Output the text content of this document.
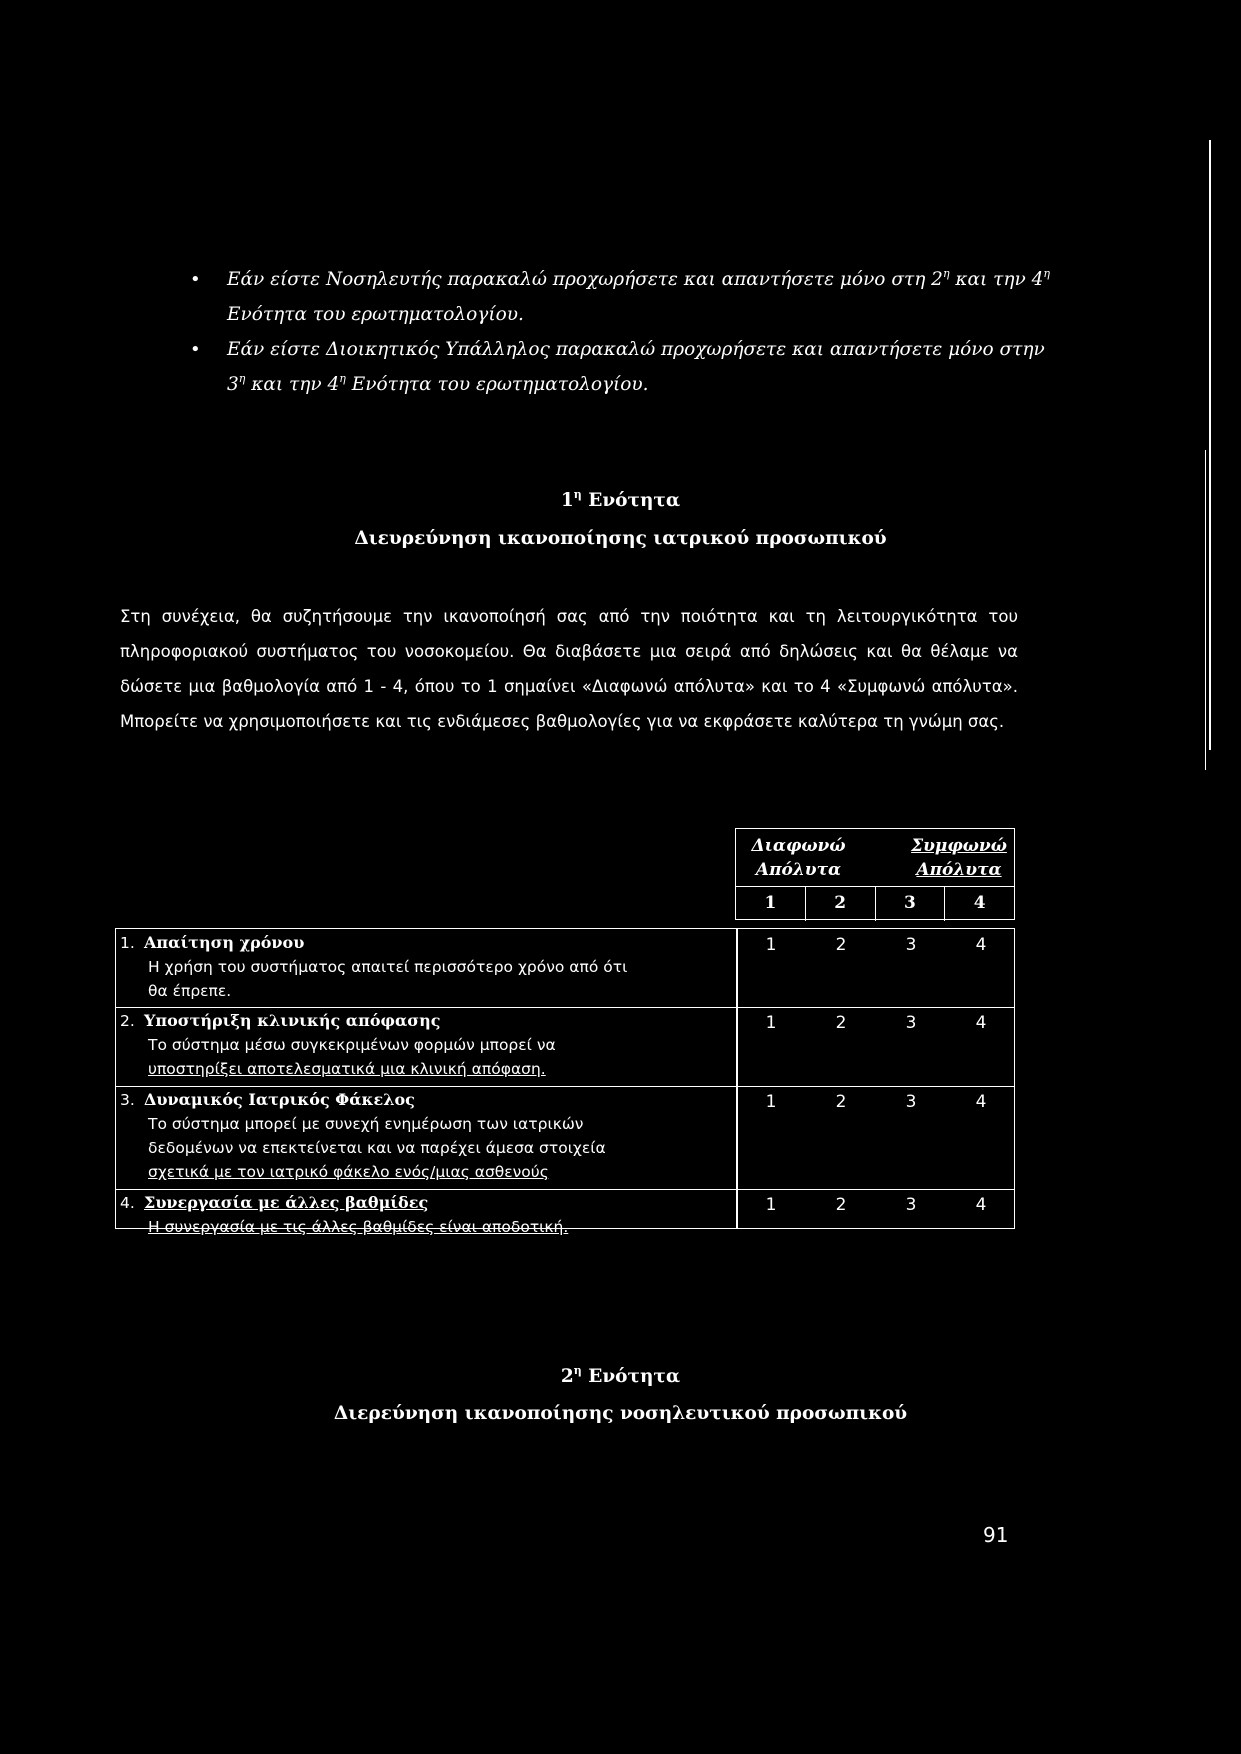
• Εάν είστε Νοσηλευτής παρακαλώ προχωρήσετε και απαντήσετε μόνο στη $2^\eta$ και την $4^\eta$ Ενότητα του ερωτηματολογίου.
• Εάν είστε Διοικητικός Υπάλληλος παρακαλώ προχωρήσετε και απαντήσετε μόνο στην $3^\eta$ και την $4^\eta$ Ενότητα του ερωτηματολογίου.
$1^\eta$ Ενότητα
Διευρεύνηση ικανοποίησης ιατρικού προσωπικού

Στη συνέχεια, θα συζητήσουμε την ικανοποίησή σας από την ποιότητα και τη λειτουργικότητα του πληροφοριακού συστήματος του νοσοκομείου. Θα διαβάσετε μια σειρά από δηλώσεις και θα θέλαμε να δώσετε μια βαθμολογία από 1 - 4, όπου το 1 σημαίνει «Διαφωνώ απόλυτα» και το 4 «Συμφωνώ απόλυτα». Μπορείτε να χρησιμοποιήσετε και τις ενδιάμεσες βαθμολογίες για να εκφράσετε καλύτερα τη γνώμη σας.

Διαφωνώ
Απόλυτα
Συμφωνώ
Απόλυτα
1	2	3	4
1. Απαίτηση χρόνου
Η χρήση του συστήματος απαιτεί περισσότερο χρόνο από ότι
θα έπρεπε.
1	2	3	4
2. Υποστήριξη κλινικής απόφασης
Το σύστημα μέσω συγκεκριμένων φορμών μπορεί να
υποστηρίξει αποτελεσματικά μια κλινική απόφαση.
1	2	3	4
3. Δυναμικός Ιατρικός Φάκελος
Το σύστημα μπορεί με συνεχή ενημέρωση των ιατρικών
δεδομένων να επεκτείνεται και να παρέχει άμεσα στοιχεία
σχετικά με τον ιατρικό φάκελο ενός/μιας ασθενούς
1	2	3	4
4. Συνεργασία με άλλες βαθμίδες
Η συνεργασία με τις άλλες βαθμίδες είναι αποδοτική.
1	2	3	4
$2^\eta$ Ενότητα
Διερεύνηση ικανοποίησης νοσηλευτικού προσωπικού
91
